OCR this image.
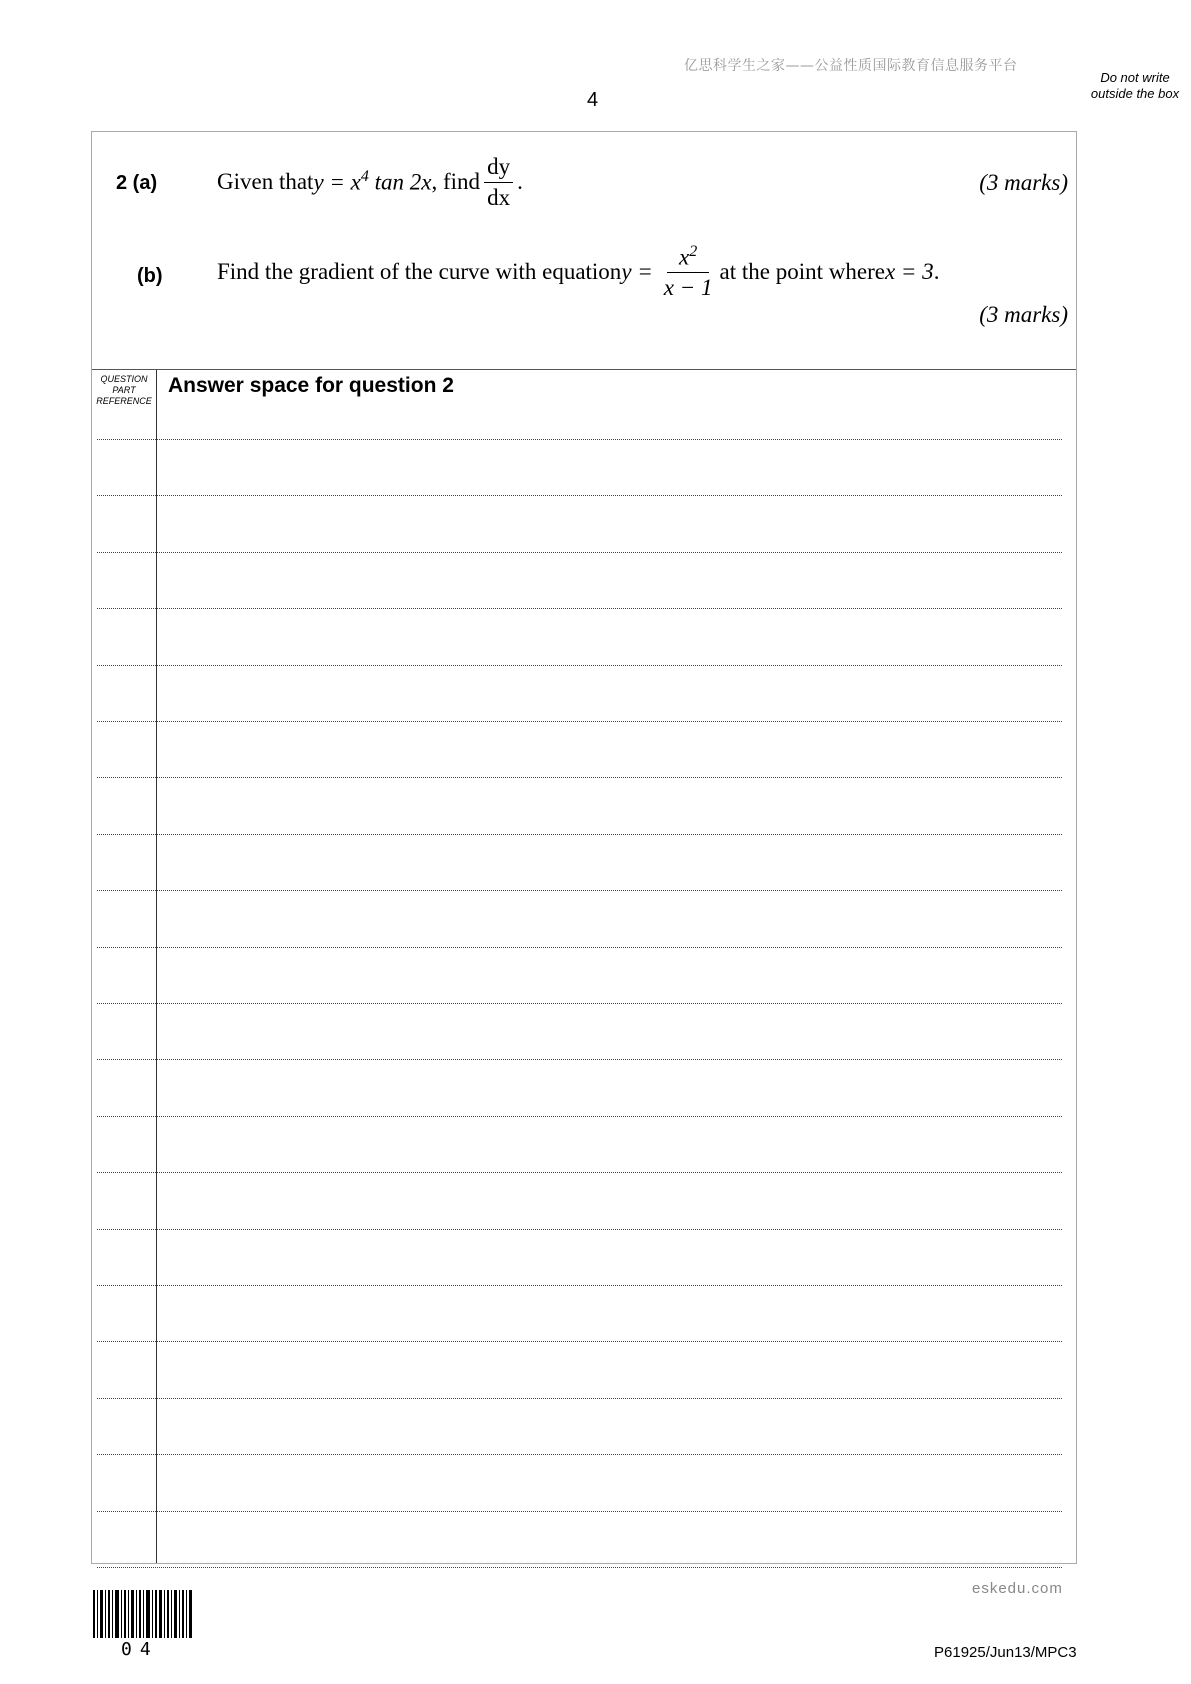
亿思科学生之家——公益性质国际教育信息服务平台
4
Do not write outside the box
2 (a)	Given that $y = x^4$ tan 2x , find $\frac{dy}{dx}$ .	(3 marks)
(b) Find the gradient of the curve with equation $y = \frac{x^2}{x - 1}$ at the point where x = 3 .
(3 marks)
QUESTION PART REFERENCE
Answer space for question 2
04
eskedu.com
P61925/Jun13/MPC3
